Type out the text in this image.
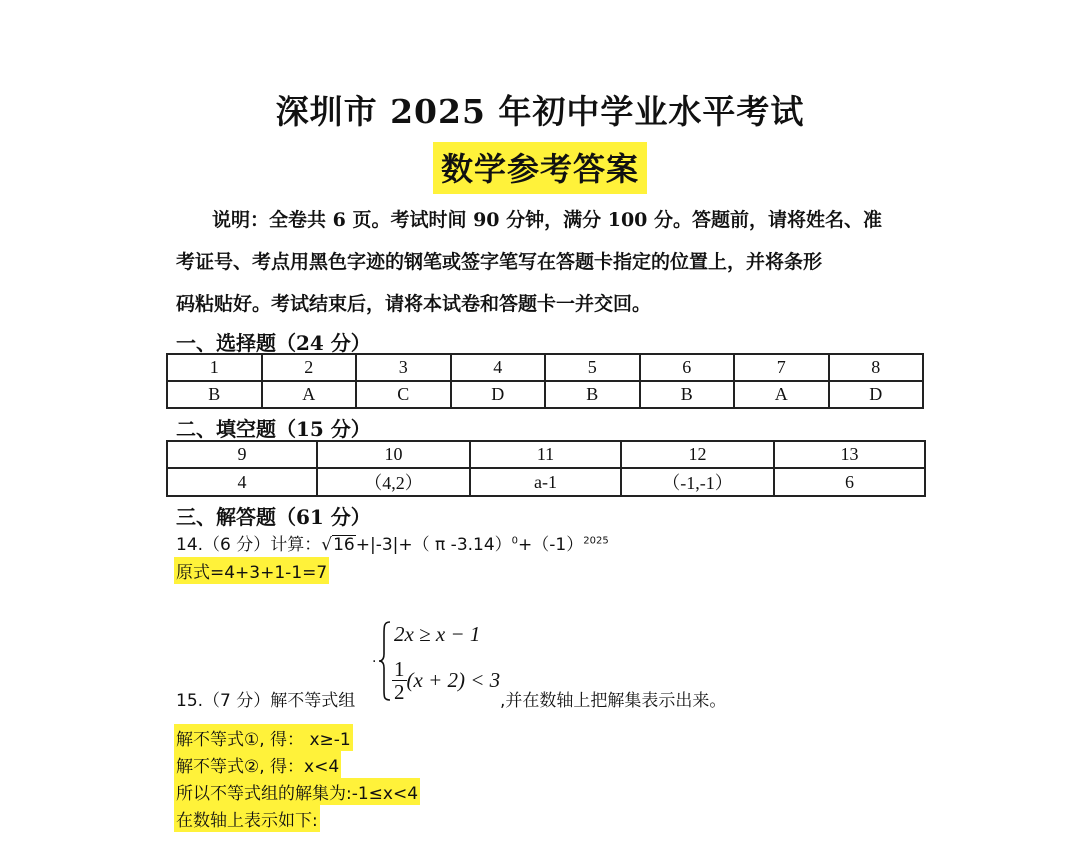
深圳市 2025 年初中学业水平考试
数学参考答案
说明：全卷共 6 页。考试时间 90 分钟，满分 100 分。答题前，请将姓名、准
考证号、考点用黑色字迹的钢笔或签字笔写在答题卡指定的位置上，并将条形
码粘贴好。考试结束后，请将本试卷和答题卡一并交回。
一、选择题（24 分）
1	2	3	4	5	6	7	8
B	A	C	D	B	B	A	D
二、填空题（15 分）
9	10	11	12	13
4	（4,2）	a-1	（-1,-1）	6
三、解答题（61 分）
14.（6 分）计算：√16+|-3|+（ π $-3.14)^0+(-1)^{2025}$
原式=4+3+1-1=7
2x ≥ x − 1
$\frac{1}{2} (x + 2) < 3$
·
15.（7 分）解不等式组	,并在数轴上把解集表示出来。
解不等式①, 得： x≥-1
解不等式②, 得：x<4
所以不等式组的解集为:-1≤x<4
在数轴上表示如下:
